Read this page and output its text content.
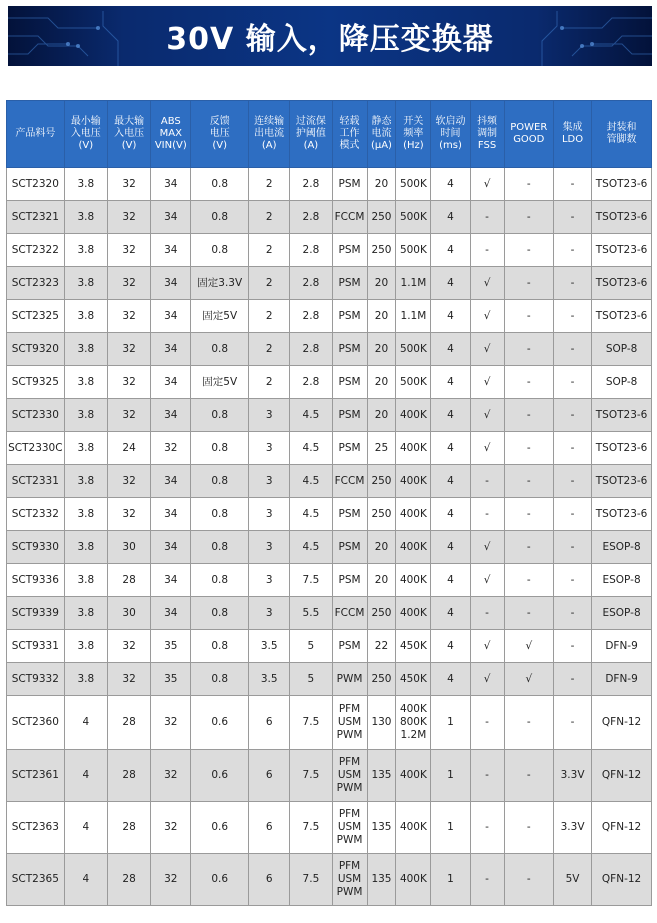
30V 输入，降压变换器
产品料号	最小输
入电压
(V)	最大输
入电压
(V)	ABS
MAX
VIN(V)	反馈
电压
(V)	连续输
出电流
(A)	过流保
护阈值
(A)	轻载
工作
模式	静态
电流
(μA)	开关
频率
(Hz)	软启动
时间
(ms)	抖频
调制
FSS	POWER
GOOD	集成
LDO	封装和
管脚数
SCT2320	3.8	32	34	0.8	2	2.8	PSM	20	500K	4	√	-	-	TSOT23-6
SCT2321	3.8	32	34	0.8	2	2.8	FCCM	250	500K	4	-	-	-	TSOT23-6
SCT2322	3.8	32	34	0.8	2	2.8	PSM	250	500K	4	-	-	-	TSOT23-6
SCT2323	3.8	32	34	固定3.3V	2	2.8	PSM	20	1.1M	4	√	-	-	TSOT23-6
SCT2325	3.8	32	34	固定5V	2	2.8	PSM	20	1.1M	4	√	-	-	TSOT23-6
SCT9320	3.8	32	34	0.8	2	2.8	PSM	20	500K	4	√	-	-	SOP-8
SCT9325	3.8	32	34	固定5V	2	2.8	PSM	20	500K	4	√	-	-	SOP-8
SCT2330	3.8	32	34	0.8	3	4.5	PSM	20	400K	4	√	-	-	TSOT23-6
SCT2330C	3.8	24	32	0.8	3	4.5	PSM	25	400K	4	√	-	-	TSOT23-6
SCT2331	3.8	32	34	0.8	3	4.5	FCCM	250	400K	4	-	-	-	TSOT23-6
SCT2332	3.8	32	34	0.8	3	4.5	PSM	250	400K	4	-	-	-	TSOT23-6
SCT9330	3.8	30	34	0.8	3	4.5	PSM	20	400K	4	√	-	-	ESOP-8
SCT9336	3.8	28	34	0.8	3	7.5	PSM	20	400K	4	√	-	-	ESOP-8
SCT9339	3.8	30	34	0.8	3	5.5	FCCM	250	400K	4	-	-	-	ESOP-8
SCT9331	3.8	32	35	0.8	3.5	5	PSM	22	450K	4	√	√	-	DFN-9
SCT9332	3.8	32	35	0.8	3.5	5	PWM	250	450K	4	√	√	-	DFN-9
SCT2360	4	28	32	0.6	6	7.5	PFM
USM
PWM	130	400K
800K
1.2M	1	-	-	-	QFN-12
SCT2361	4	28	32	0.6	6	7.5	PFM
USM
PWM	135	400K	1	-	-	3.3V	QFN-12
SCT2363	4	28	32	0.6	6	7.5	PFM
USM
PWM	135	400K	1	-	-	3.3V	QFN-12
SCT2365	4	28	32	0.6	6	7.5	PFM
USM
PWM	135	400K	1	-	-	5V	QFN-12
